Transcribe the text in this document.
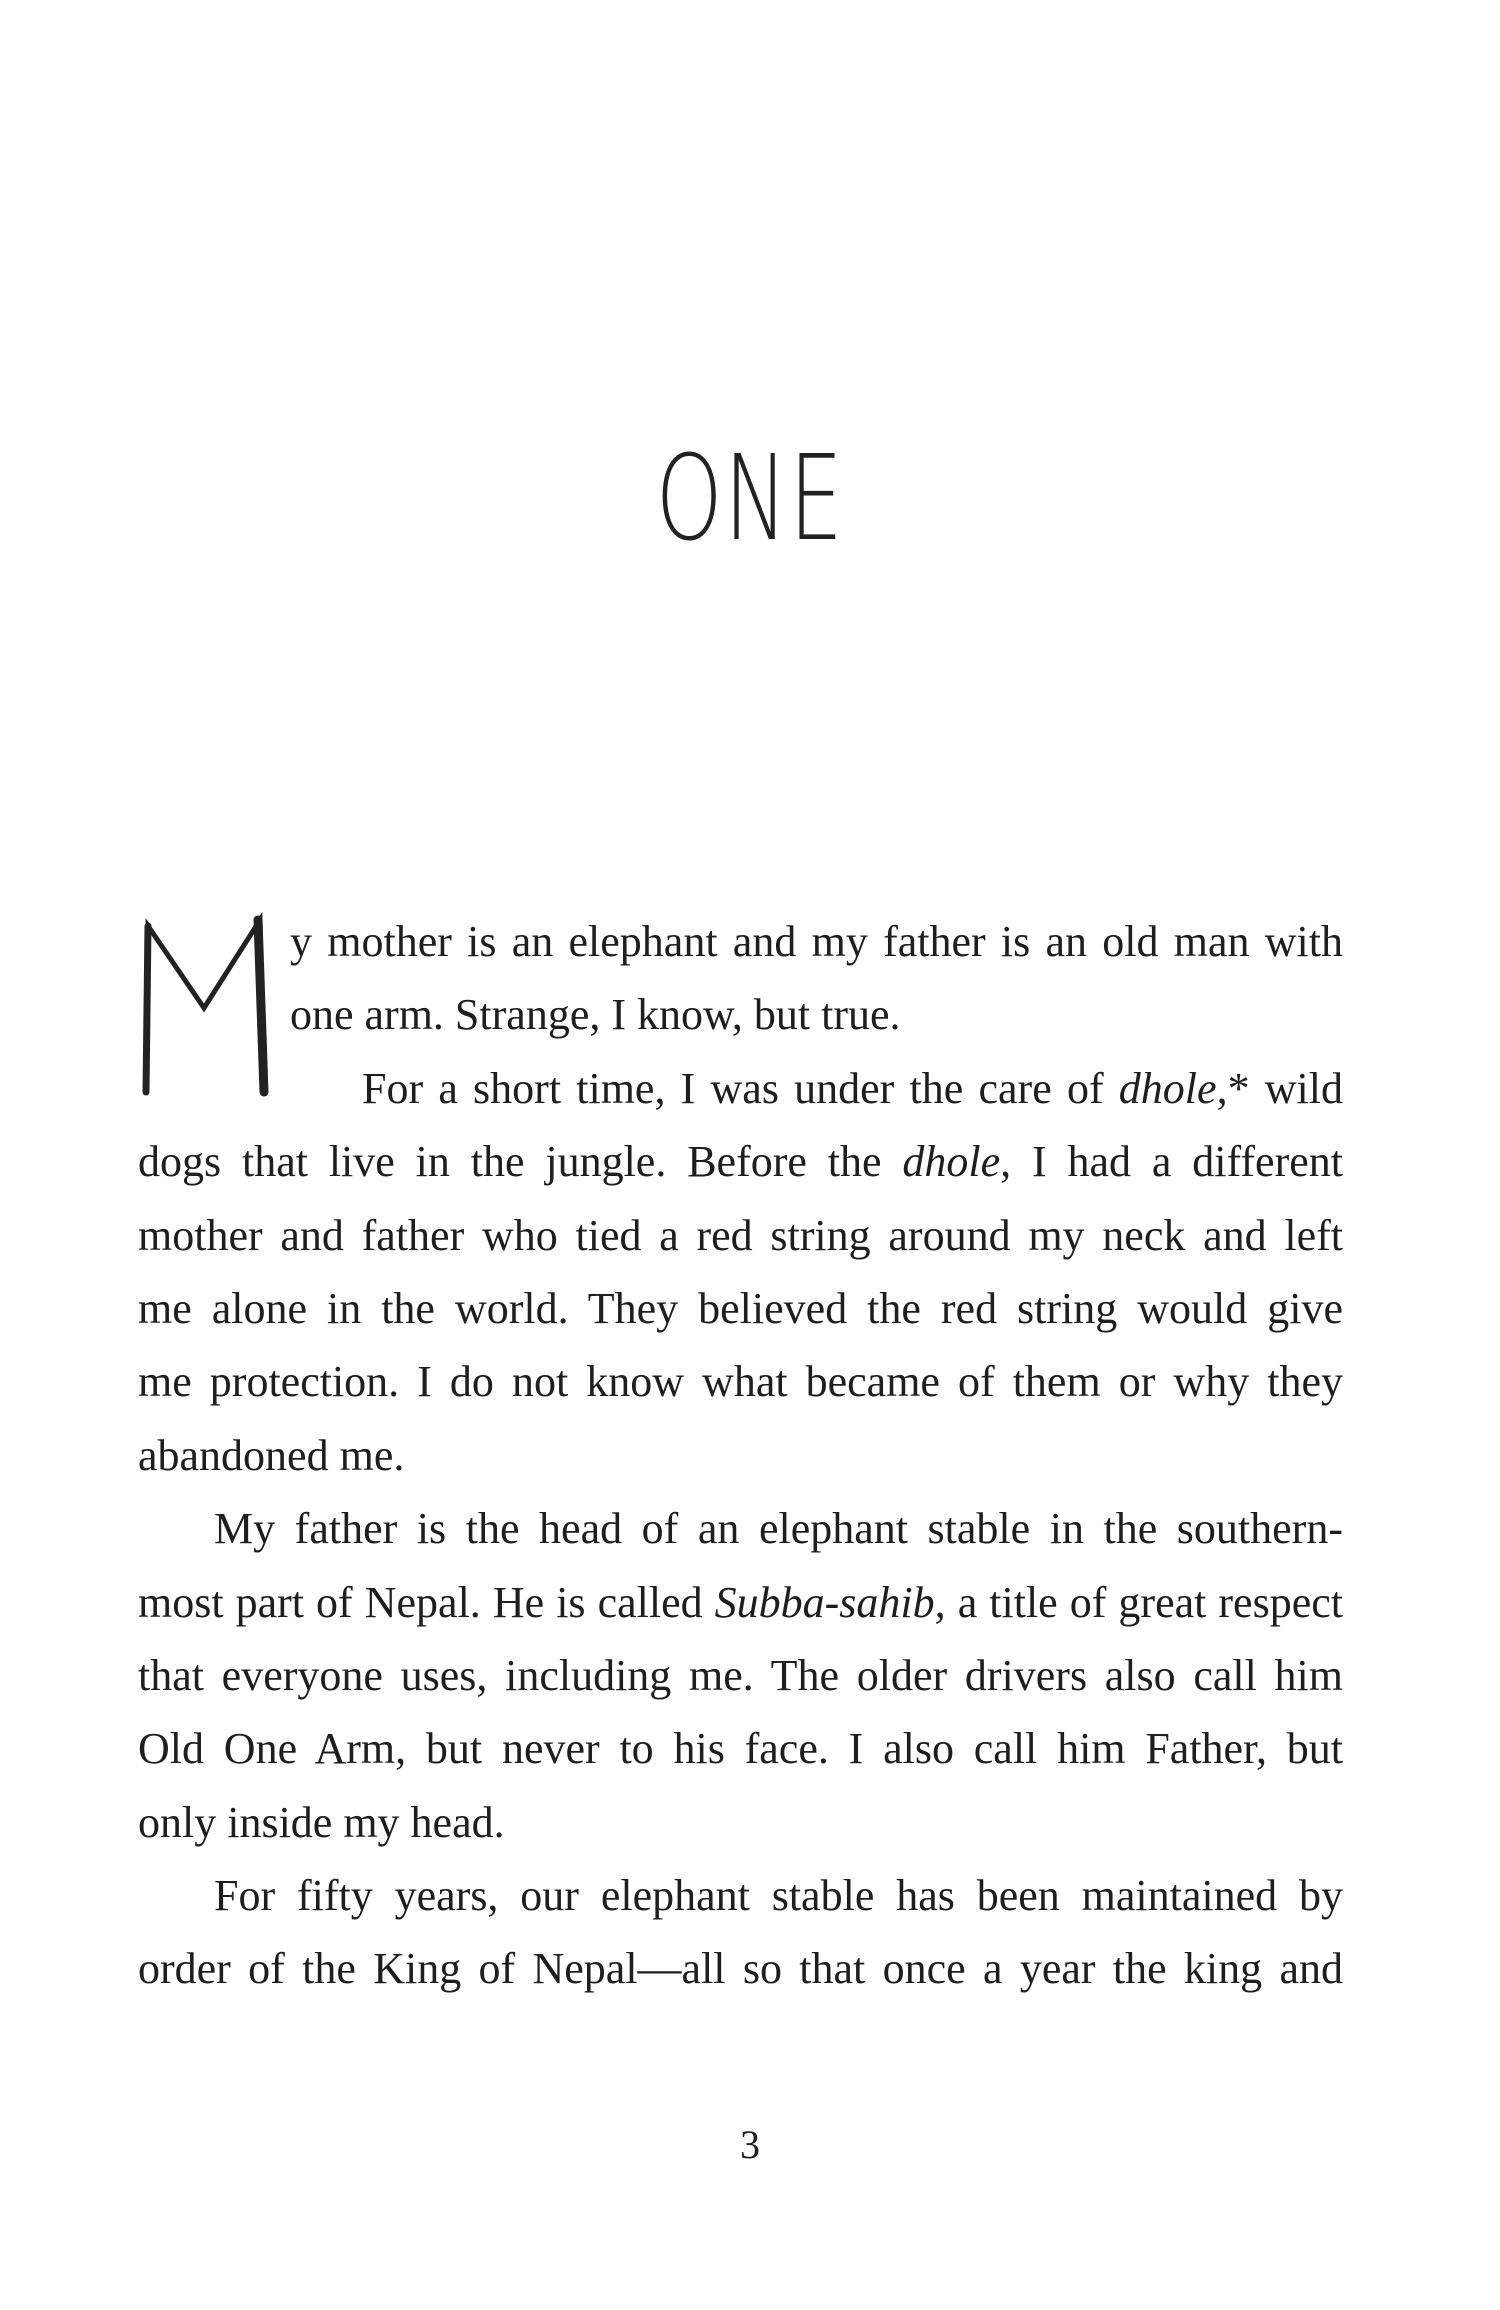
ONE
M
y mother is an elephant and my father is an old man with
one arm. Strange, I know, but true.
For a short time, I was under the care of dhole,* wild
dogs that live in the jungle. Before the dhole, I had a different
mother and father who tied a red string around my neck and left
me alone in the world. They believed the red string would give
me protection. I do not know what became of them or why they
abandoned me.
My father is the head of an elephant stable in the southern-
most part of Nepal. He is called Subba-sahib, a title of great respect
that everyone uses, including me. The older drivers also call him
Old One Arm, but never to his face. I also call him Father, but
only inside my head.
For fifty years, our elephant stable has been maintained by
order of the King of Nepal—all so that once a year the king and
3
